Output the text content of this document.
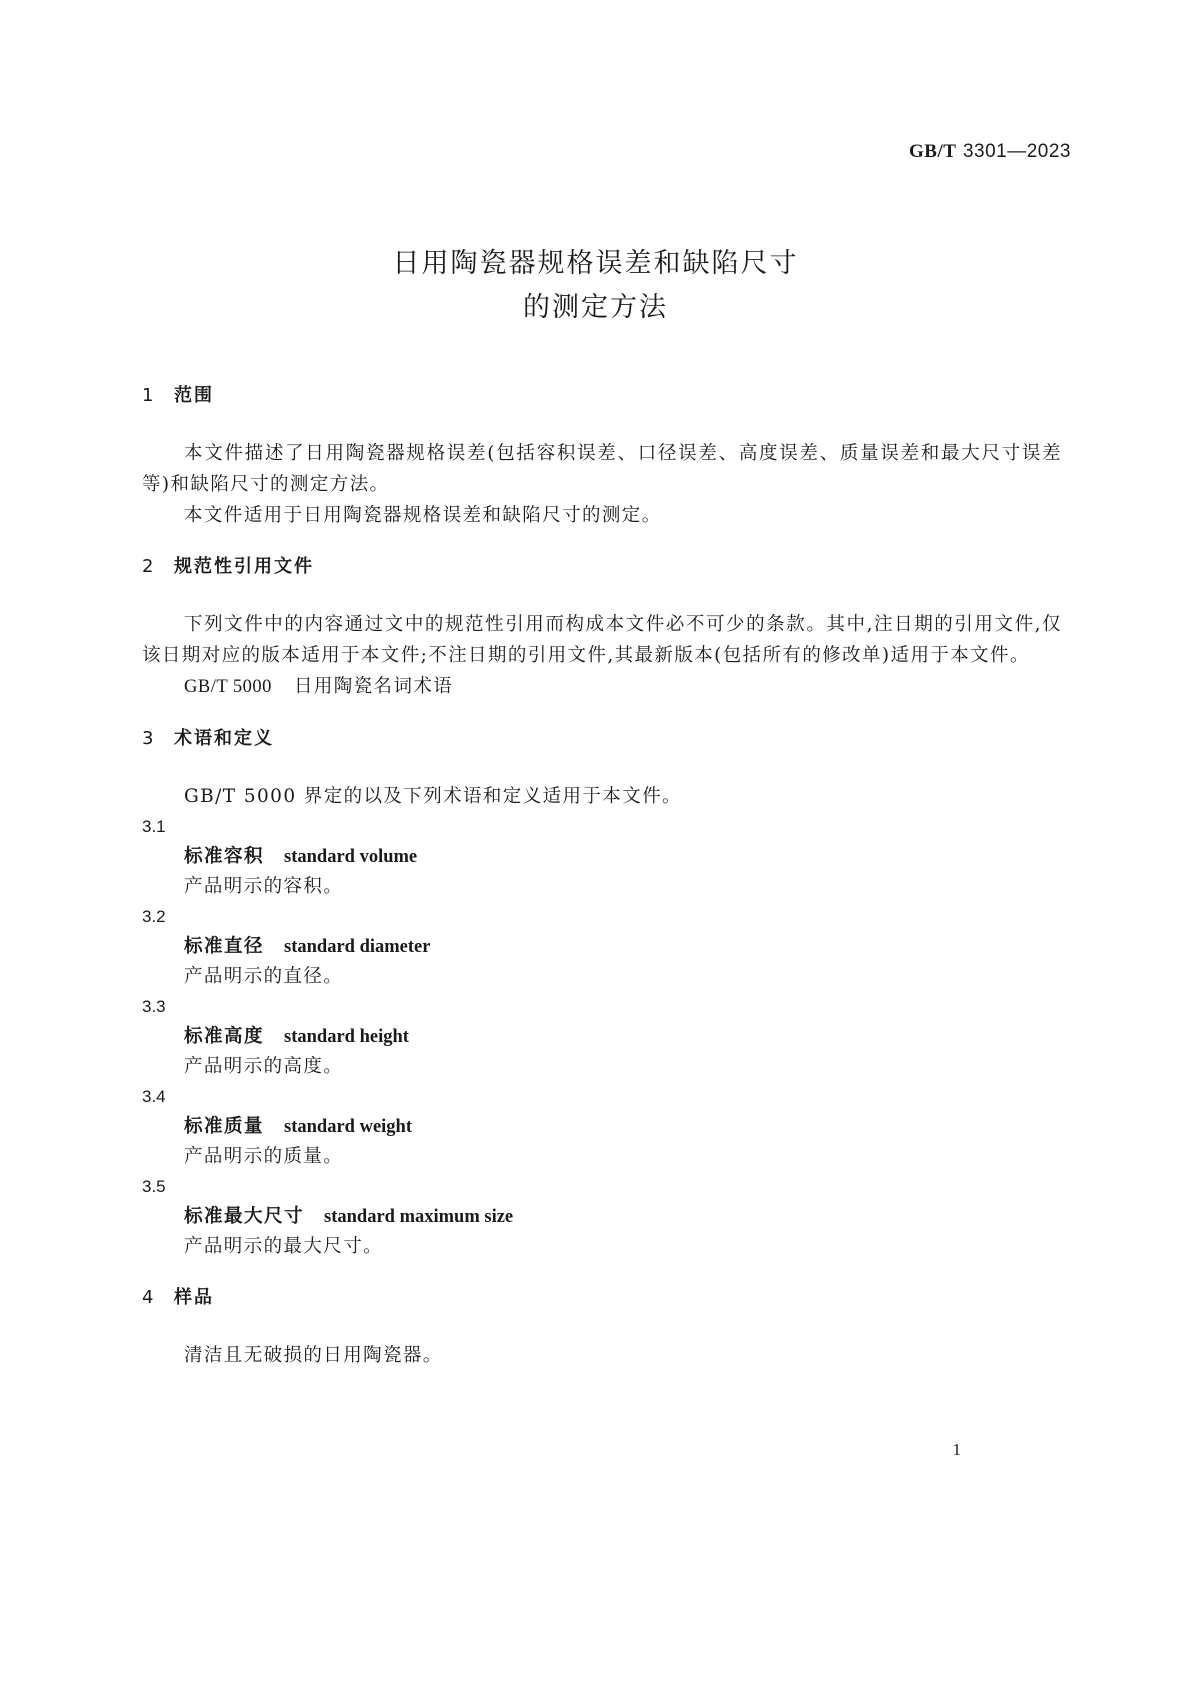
GB/T 3301—2023
日用陶瓷器规格误差和缺陷尺寸
的测定方法
1 范围

本文件描述了日用陶瓷器规格误差(包括容积误差、口径误差、高度误差、质量误差和最大尺寸误差等)和缺陷尺寸的测定方法。

本文件适用于日用陶瓷器规格误差和缺陷尺寸的测定。

2 规范性引用文件

下列文件中的内容通过文中的规范性引用而构成本文件必不可少的条款。其中,注日期的引用文件,仅该日期对应的版本适用于本文件;不注日期的引用文件,其最新版本(包括所有的修改单)适用于本文件。

GB/T 5000 日用陶瓷名词术语
3 术语和定义

GB/T 5000 界定的以及下列术语和定义适用于本文件。

3.1
标准容积 standard volume
产品明示的容积。
3.2
标准直径 standard diameter
产品明示的直径。
3.3
标准高度 standard height
产品明示的高度。
3.4
标准质量 standard weight
产品明示的质量。
3.5
标准最大尺寸 standard maximum size
产品明示的最大尺寸。
4 样品

清洁且无破损的日用陶瓷器。

1
